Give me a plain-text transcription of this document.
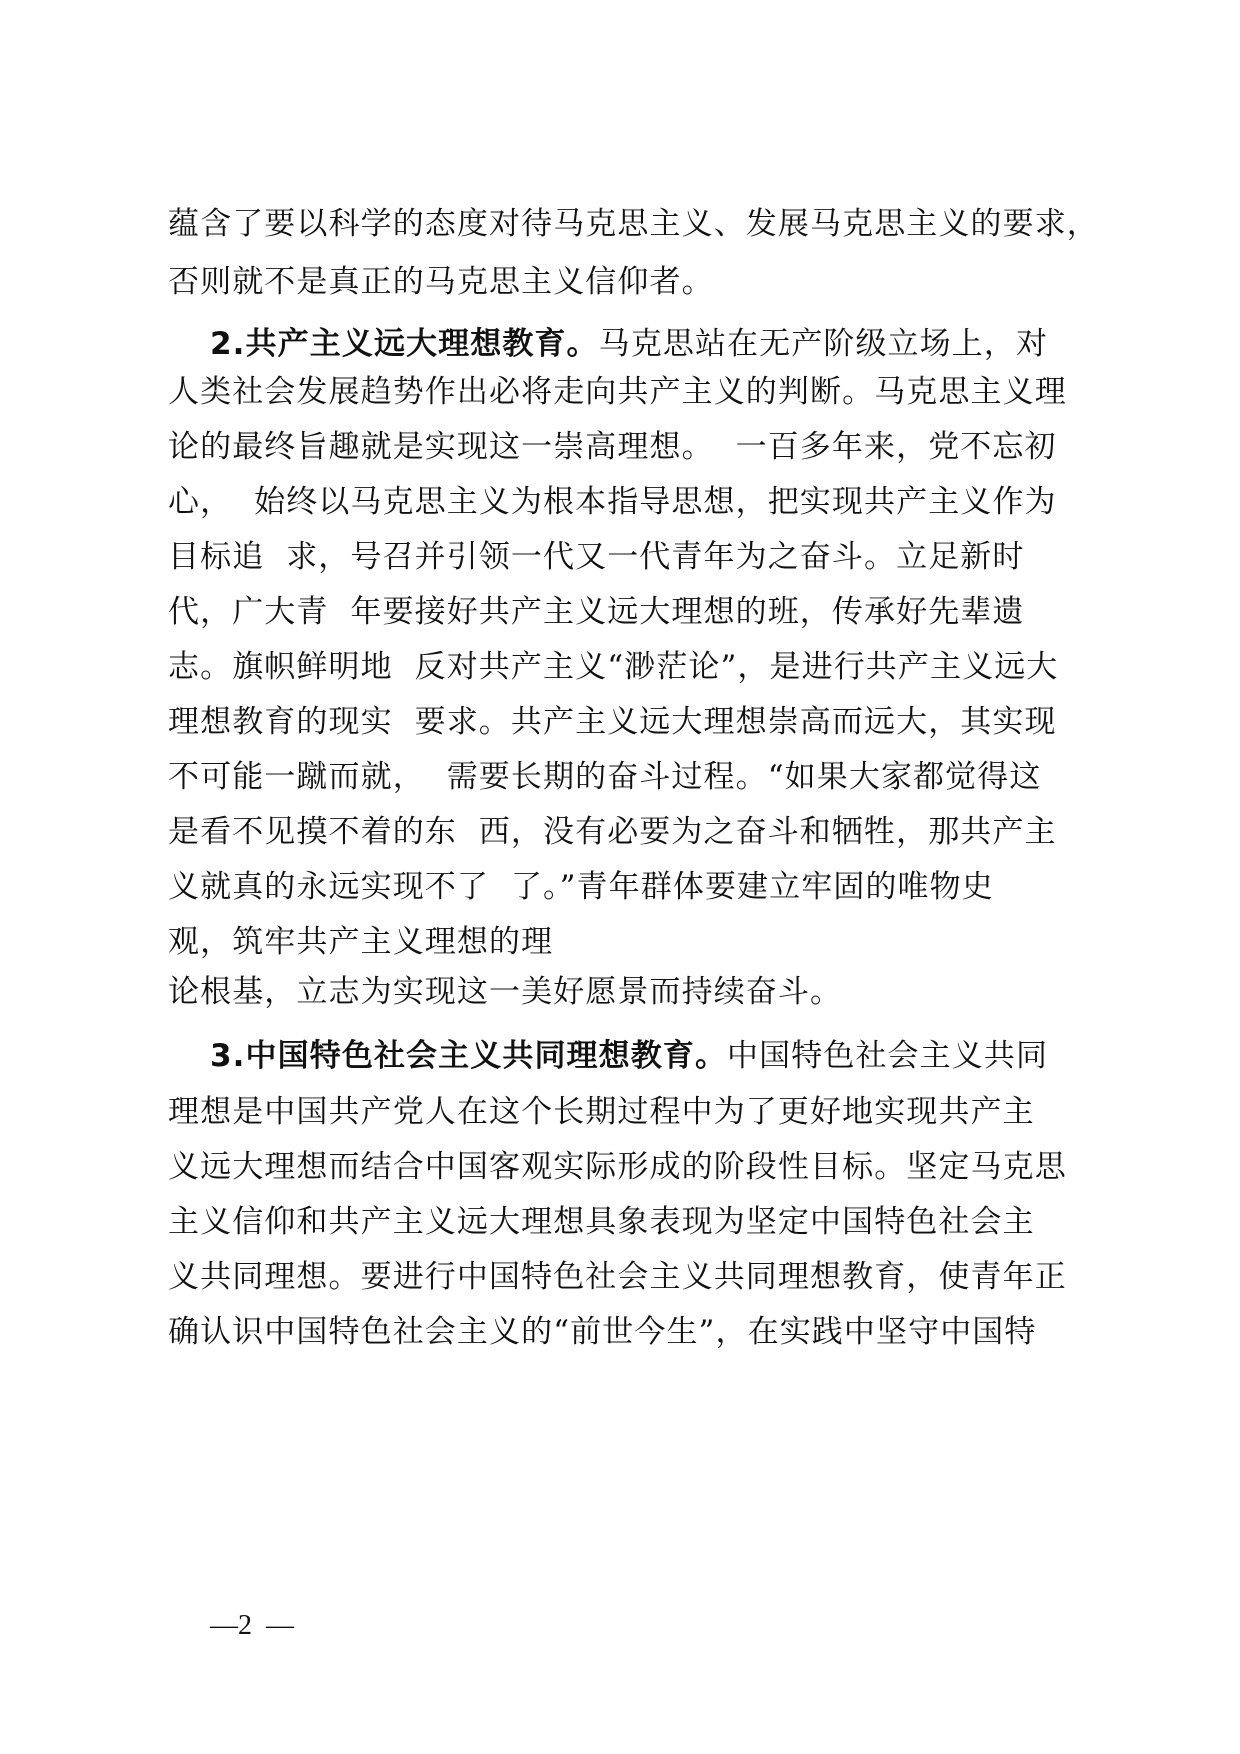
蕴含了要以科学的态度对待马克思主义、发展马克思主义的要求，
否则就不是真正的马克思主义信仰者。
2.共产主义远大理想教育。马克思站在无产阶级立场上，对
人类社会发展趋势作出必将走向共产主义的判断。马克思主义理
论的最终旨趣就是实现这一崇高理想。  一百多年来，党不忘初
心，  始终以马克思主义为根本指导思想，把实现共产主义作为
目标追  求，号召并引领一代又一代青年为之奋斗。立足新时
代，广大青  年要接好共产主义远大理想的班，传承好先辈遗
志。旗帜鲜明地  反对共产主义“渺茫论”，是进行共产主义远大
理想教育的现实  要求。共产主义远大理想崇高而远大，其实现
不可能一蹴而就，  需要长期的奋斗过程。“如果大家都觉得这
是看不见摸不着的东  西，没有必要为之奋斗和牺牲，那共产主
义就真的永远实现不了  了。”青年群体要建立牢固的唯物史
观，筑牢共产主义理想的理
论根基，立志为实现这一美好愿景而持续奋斗。
3.中国特色社会主义共同理想教育。中国特色社会主义共同
理想是中国共产党人在这个长期过程中为了更好地实现共产主
义远大理想而结合中国客观实际形成的阶段性目标。坚定马克思
主义信仰和共产主义远大理想具象表现为坚定中国特色社会主
义共同理想。要进行中国特色社会主义共同理想教育，使青年正
确认识中国特色社会主义的“前世今生”，在实践中坚守中国特
—2  —
